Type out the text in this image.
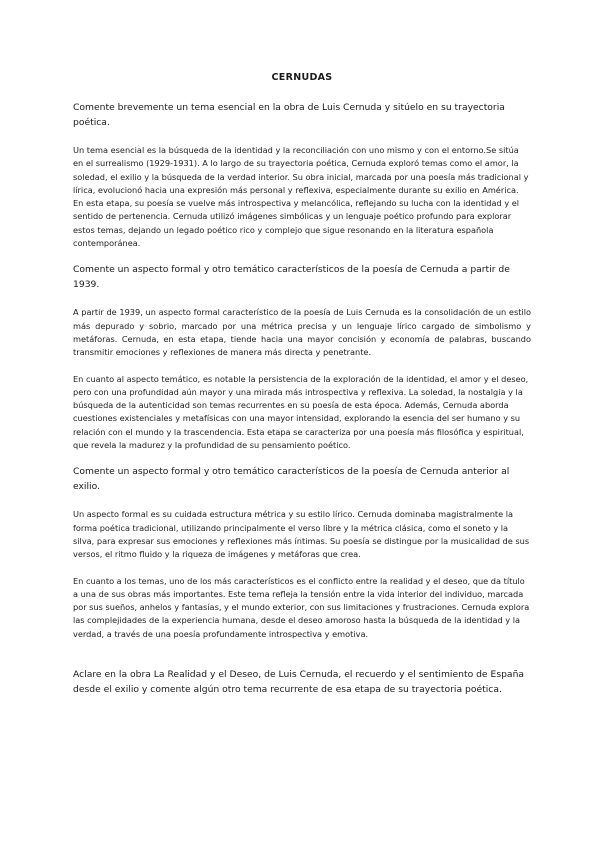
CERNUDAS

Comente brevemente un tema esencial en la obra de Luis Cernuda y sitúelo en su trayectoria poética.

Un tema esencial es la búsqueda de la identidad y la reconciliación con uno mismo y con el entorno.Se sitúa en el surrealismo (1929-1931). A lo largo de su trayectoria poética, Cernuda exploró temas como el amor, la soledad, el exilio y la búsqueda de la verdad interior. Su obra inicial, marcada por una poesía más tradicional y lírica, evolucionó hacia una expresión más personal y reflexiva, especialmente durante su exilio en América. En esta etapa, su poesía se vuelve más introspectiva y melancólica, reflejando su lucha con la identidad y el sentido de pertenencia. Cernuda utilizó imágenes simbólicas y un lenguaje poético profundo para explorar estos temas, dejando un legado poético rico y complejo que sigue resonando en la literatura española contemporánea.

Comente un aspecto formal y otro temático característicos de la poesía de Cernuda a partir de 1939.

A partir de 1939, un aspecto formal característico de la poesía de Luis Cernuda es la consolidación de un estilo más depurado y sobrio, marcado por una métrica precisa y un lenguaje lírico cargado de simbolismo y metáforas. Cernuda, en esta etapa, tiende hacia una mayor concisión y economía de palabras, buscando transmitir emociones y reflexiones de manera más directa y penetrante.

En cuanto al aspecto temático, es notable la persistencia de la exploración de la identidad, el amor y el deseo, pero con una profundidad aún mayor y una mirada más introspectiva y reflexiva. La soledad, la nostalgia y la búsqueda de la autenticidad son temas recurrentes en su poesía de esta época. Además, Cernuda aborda cuestiones existenciales y metafísicas con una mayor intensidad, explorando la esencia del ser humano y su relación con el mundo y la trascendencia. Esta etapa se caracteriza por una poesía más filosófica y espiritual, que revela la madurez y la profundidad de su pensamiento poético.

Comente un aspecto formal y otro temático característicos de la poesía de Cernuda anterior al exilio.

Un aspecto formal es su cuidada estructura métrica y su estilo lírico. Cernuda dominaba magistralmente la forma poética tradicional, utilizando principalmente el verso libre y la métrica clásica, como el soneto y la silva, para expresar sus emociones y reflexiones más íntimas. Su poesía se distingue por la musicalidad de sus versos, el ritmo fluido y la riqueza de imágenes y metáforas que crea.

En cuanto a los temas, uno de los más característicos es el conflicto entre la realidad y el deseo, que da título a una de sus obras más importantes. Este tema refleja la tensión entre la vida interior del individuo, marcada por sus sueños, anhelos y fantasías, y el mundo exterior, con sus limitaciones y frustraciones. Cernuda explora las complejidades de la experiencia humana, desde el deseo amoroso hasta la búsqueda de la identidad y la verdad, a través de una poesía profundamente introspectiva y emotiva.

Aclare en la obra La Realidad y el Deseo, de Luis Cernuda, el recuerdo y el sentimiento de España desde el exilio y comente algún otro tema recurrente de esa etapa de su trayectoria poética.
